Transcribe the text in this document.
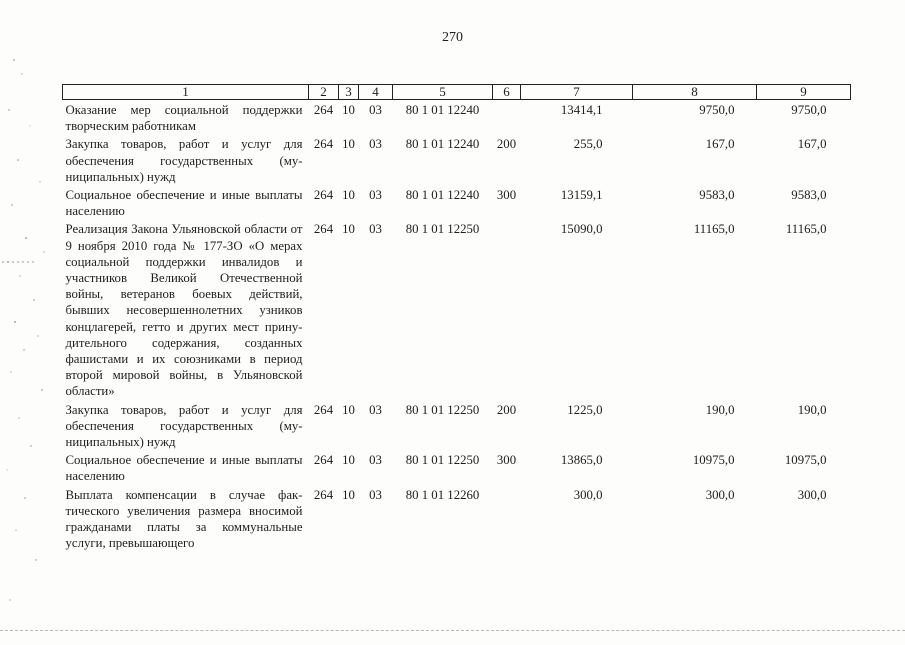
270
1	2	3	4	5	6	7	8	9
Оказание мер социальной поддержки творческим работникам	264	10	03	80 1 01 12240		13414,1	9750,0	9750,0
Закупка товаров, работ и услуг для обеспечения государственных (муниципальных) нужд	264	10	03	80 1 01 12240	200	255,0	167,0	167,0
Социальное обеспечение и иные выплаты населению	264	10	03	80 1 01 12240	300	13159,1	9583,0	9583,0
Реализация Закона Ульяновской области от 9 ноября 2010 года № 177-ЗО «О мерах социальной поддержки инвалидов и участников Великой Отечественной войны, ветеранов боевых действий, бывших несовершеннолетних узников концлагерей, гетто и других мест принудительного содержания, созданных фашистами и их союзниками в период второй мировой войны, в Ульяновской области»	264	10	03	80 1 01 12250		15090,0	11165,0	11165,0
Закупка товаров, работ и услуг для обеспечения государственных (муниципальных) нужд	264	10	03	80 1 01 12250	200	1225,0	190,0	190,0
Социальное обеспечение и иные выплаты населению	264	10	03	80 1 01 12250	300	13865,0	10975,0	10975,0
Выплата компенсации в случае фактического увеличения размера вносимой гражданами платы за коммунальные услуги, превышающего	264	10	03	80 1 01 12260		300,0	300,0	300,0
